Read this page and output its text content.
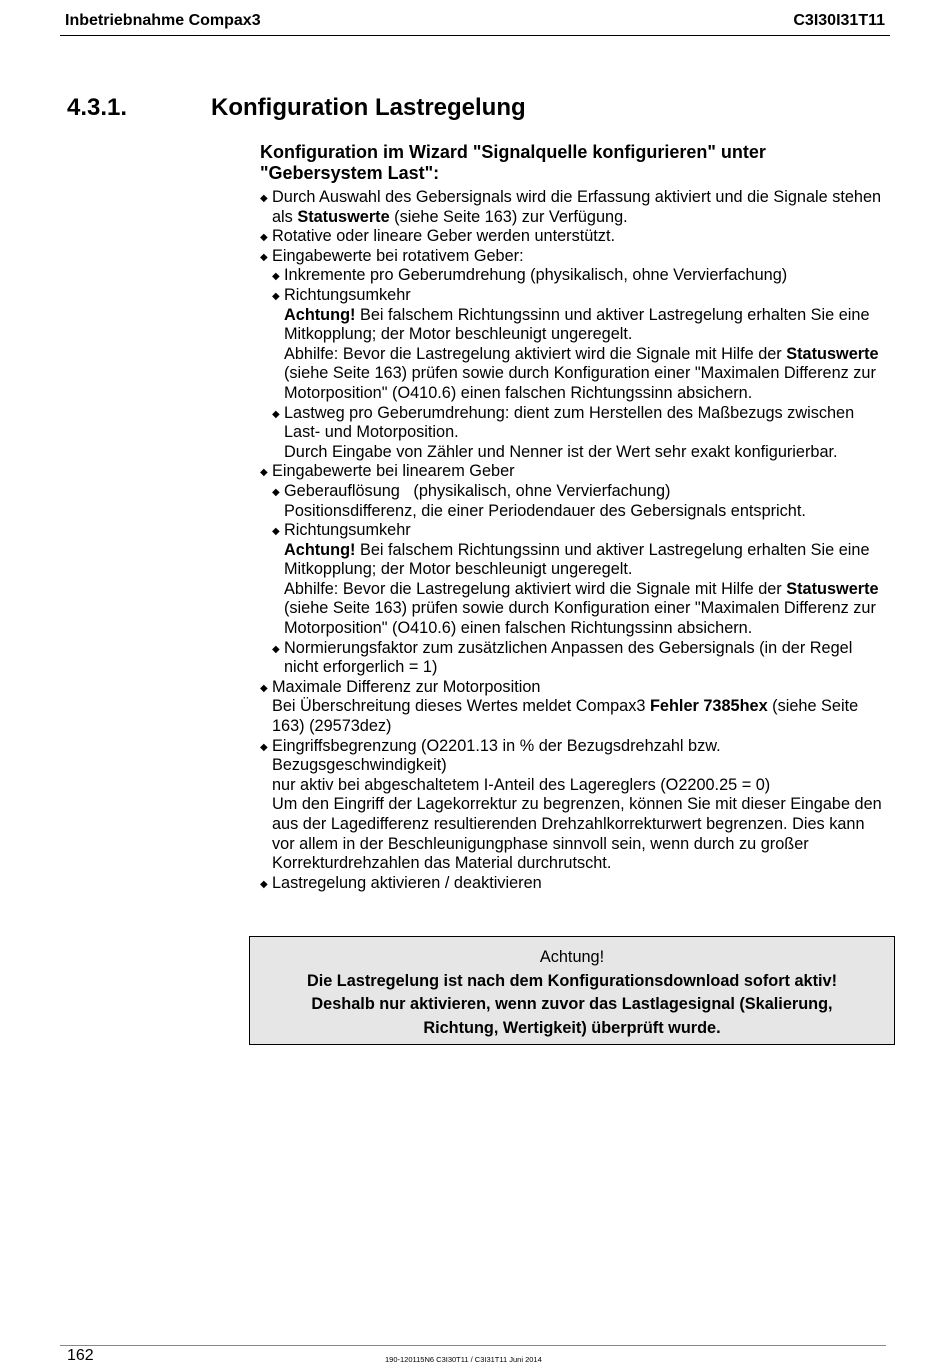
Inbetriebnahme Compax3	C3I30I31T11
4.3.1.	Konfiguration Lastregelung
Konfiguration im Wizard "Signalquelle konfigurieren" unter "Gebersystem Last":
◆ Durch Auswahl des Gebersignals wird die Erfassung aktiviert und die Signale stehen als Statuswerte (siehe Seite 163) zur Verfügung.
◆ Rotative oder lineare Geber werden unterstützt.
◆ Eingabewerte bei rotativem Geber:
◆ Inkremente pro Geberumdrehung (physikalisch, ohne Vervierfachung)
◆ Richtungsumkehr
Achtung! Bei falschem Richtungssinn und aktiver Lastregelung erhalten Sie eine Mitkopplung; der Motor beschleunigt ungeregelt.
Abhilfe: Bevor die Lastregelung aktiviert wird die Signale mit Hilfe der Statuswerte (siehe Seite 163) prüfen sowie durch Konfiguration einer "Maximalen Differenz zur Motorposition" (O410.6) einen falschen Richtungssinn absichern.
◆ Lastweg pro Geberumdrehung: dient zum Herstellen des Maßbezugs zwischen Last- und Motorposition.
Durch Eingabe von Zähler und Nenner ist der Wert sehr exakt konfigurierbar.
◆ Eingabewerte bei linearem Geber
◆ Geberauflösung   (physikalisch, ohne Vervierfachung)
Positionsdifferenz, die einer Periodendauer des Gebersignals entspricht.
◆ Richtungsumkehr
Achtung! Bei falschem Richtungssinn und aktiver Lastregelung erhalten Sie eine Mitkopplung; der Motor beschleunigt ungeregelt.
Abhilfe: Bevor die Lastregelung aktiviert wird die Signale mit Hilfe der Statuswerte (siehe Seite 163) prüfen sowie durch Konfiguration einer "Maximalen Differenz zur Motorposition" (O410.6) einen falschen Richtungssinn absichern.
◆ Normierungsfaktor zum zusätzlichen Anpassen des Gebersignals (in der Regel nicht erforgerlich = 1)
◆ Maximale Differenz zur Motorposition
Bei Überschreitung dieses Wertes meldet Compax3 Fehler 7385hex (siehe Seite 163) (29573dez)
◆ Eingriffsbegrenzung (O2201.13 in % der Bezugsdrehzahl bzw. Bezugsgeschwindigkeit)
nur aktiv bei abgeschaltetem I-Anteil des Lagereglers (O2200.25 = 0)
Um den Eingriff der Lagekorrektur zu begrenzen, können Sie mit dieser Eingabe den aus der Lagedifferenz resultierenden Drehzahlkorrekturwert begrenzen. Dies kann vor allem in der Beschleunigungphase sinnvoll sein, wenn durch zu großer Korrekturdrehzahlen das Material durchrutscht.
◆ Lastregelung aktivieren / deaktivieren
Achtung!
Die Lastregelung ist nach dem Konfigurationsdownload sofort aktiv!
Deshalb nur aktivieren, wenn zuvor das Lastlagesignal (Skalierung,
Richtung, Wertigkeit) überprüft wurde.
162	190-120115N6 C3I30T11 / C3I31T11 Juni 2014
